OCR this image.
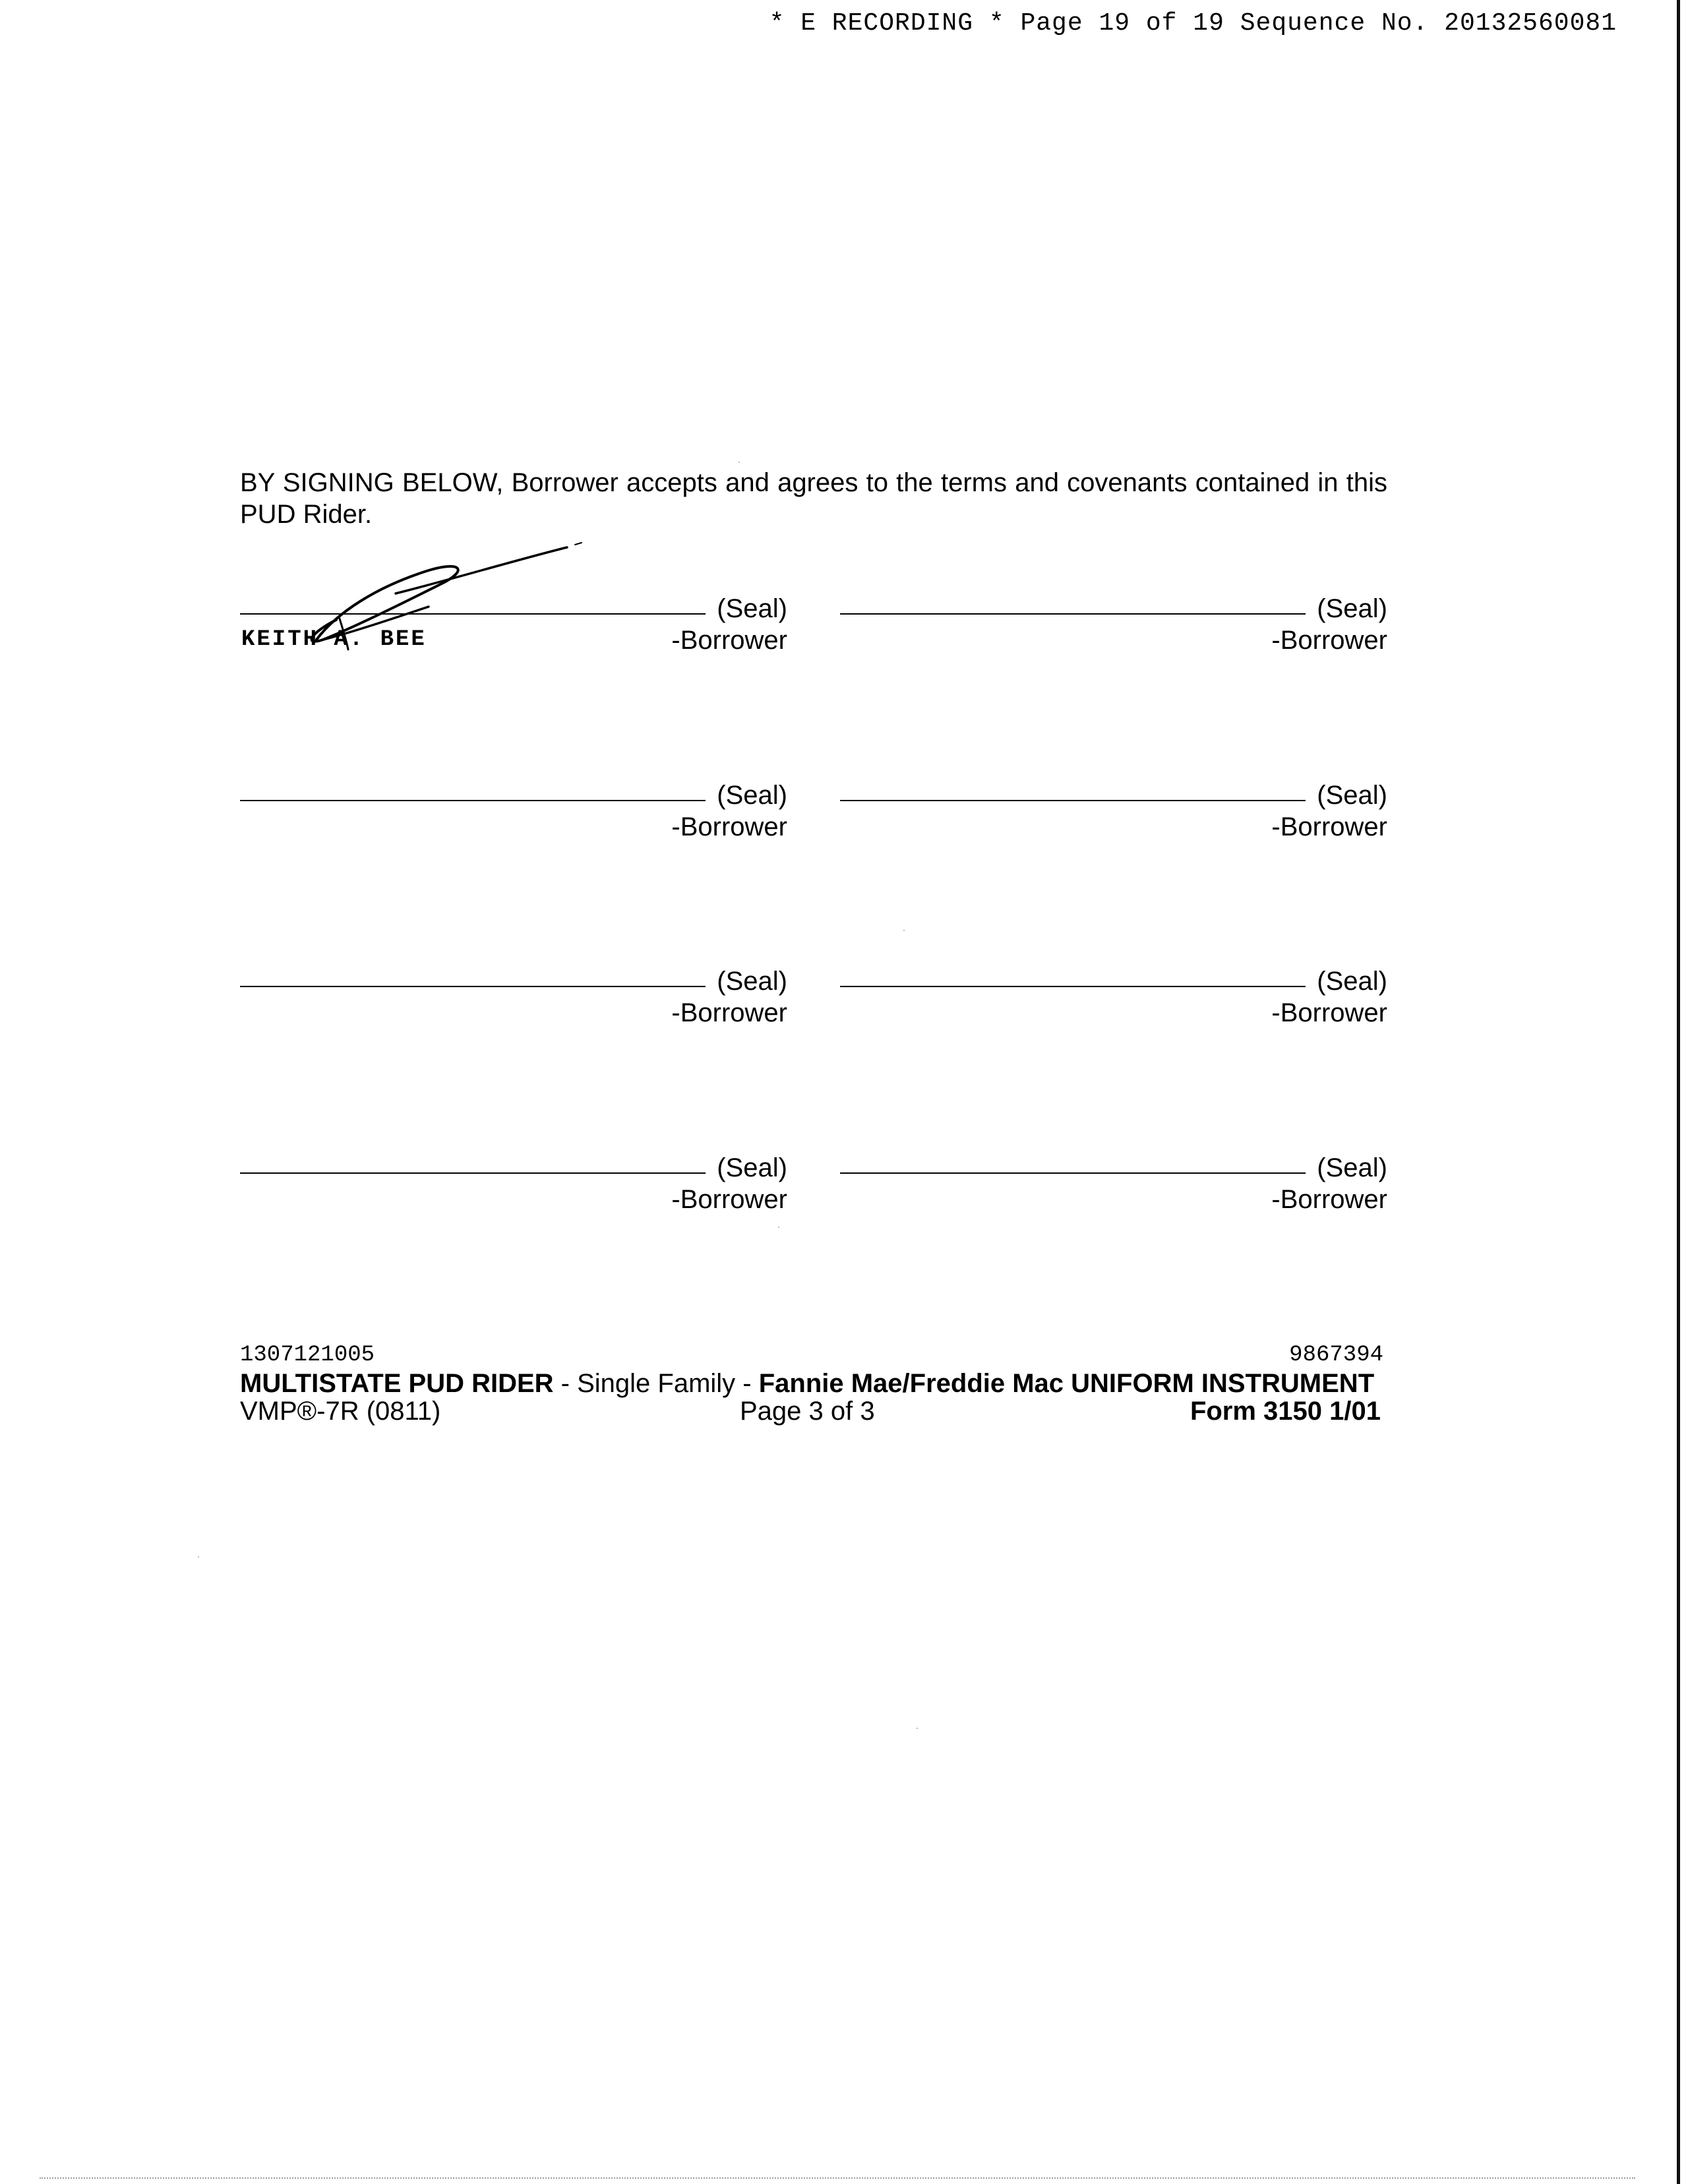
* E RECORDING * Page 19 of 19 Sequence No. 20132560081
BY SIGNING BELOW, Borrower accepts and agrees to the terms and covenants contained in this PUD Rider.
(Seal)
-Borrower
KEITH A. BEE
(Seal)
-Borrower
(Seal)
-Borrower
(Seal)
-Borrower
(Seal)
-Borrower
(Seal)
-Borrower
(Seal)
-Borrower
(Seal)
-Borrower
1307121005	9867394
MULTISTATE PUD RIDER - Single Family - Fannie Mae/Freddie Mac UNIFORM INSTRUMENT
VMP®-7R (0811)	Page 3 of 3	Form 3150 1/01
